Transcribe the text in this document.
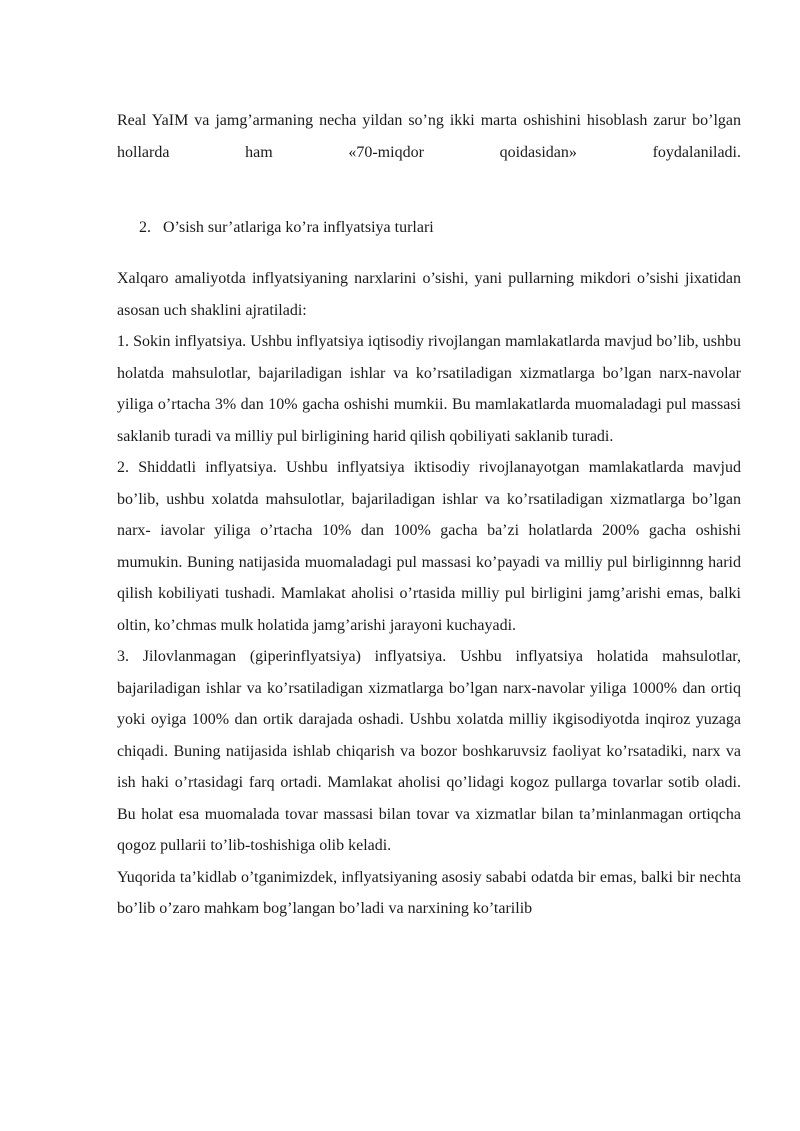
Real YaIM va jamg’armaning necha yildan so’ng ikki marta oshishini hisoblash zarur bo’lgan hollarda ham «70-miqdor qoidasidan» foydalaniladi.

2. O’sish sur’atlariga ko’ra inflyatsiya turlari

Xalqaro amaliyotda inflyatsiyaning narxlarini o’sishi, yani pullarning mikdori o’sishi jixatidan asosan uch shaklini ajratiladi:

1. Sokin inflyatsiya. Ushbu inflyatsiya iqtisodiy rivojlangan mamlakatlarda mavjud bo’lib, ushbu holatda mahsulotlar, bajariladigan ishlar va ko’rsatiladigan xizmatlarga bo’lgan narx-navolar yiliga o’rtacha 3% dan 10% gacha oshishi mumkii. Bu mamlakatlarda muomaladagi pul massasi saklanib turadi va milliy pul birligining harid qilish qobiliyati saklanib turadi.

2. Shiddatli inflyatsiya. Ushbu inflyatsiya iktisodiy rivojlanayotgan mamlakatlarda mavjud bo’lib, ushbu xolatda mahsulotlar, bajariladigan ishlar va ko’rsatiladigan xizmatlarga bo’lgan narx- iavolar yiliga o’rtacha 10% dan 100% gacha ba’zi holatlarda 200% gacha oshishi mumukin. Buning natijasida muomaladagi pul massasi ko’payadi va milliy pul birliginnng harid qilish kobiliyati tushadi. Mamlakat aholisi o’rtasida milliy pul birligini jamg’arishi emas, balki oltin, ko’chmas mulk holatida jamg’arishi jarayoni kuchayadi.

3. Jilovlanmagan (giperinflyatsiya) inflyatsiya. Ushbu inflyatsiya holatida mahsulotlar, bajariladigan ishlar va ko’rsatiladigan xizmatlarga bo’lgan narx-navolar yiliga 1000% dan ortiq yoki oyiga 100% dan ortik darajada oshadi. Ushbu xolatda milliy ikgisodiyotda inqiroz yuzaga chiqadi. Buning natijasida ishlab chiqarish va bozor boshkaruvsiz faoliyat ko’rsatadiki, narx va ish haki o’rtasidagi farq ortadi. Mamlakat aholisi qo’lidagi kogoz pullarga tovarlar sotib oladi. Bu holat esa muomalada tovar massasi bilan tovar va xizmatlar bilan ta’minlanmagan ortiqcha qogoz pullarii to’lib-toshishiga olib keladi.

Yuqorida ta’kidlab o’tganimizdek, inflyatsiyaning asosiy sababi odatda bir emas, balki bir nechta bo’lib o’zaro mahkam bog’langan bo’ladi va narxining ko’tarilib
